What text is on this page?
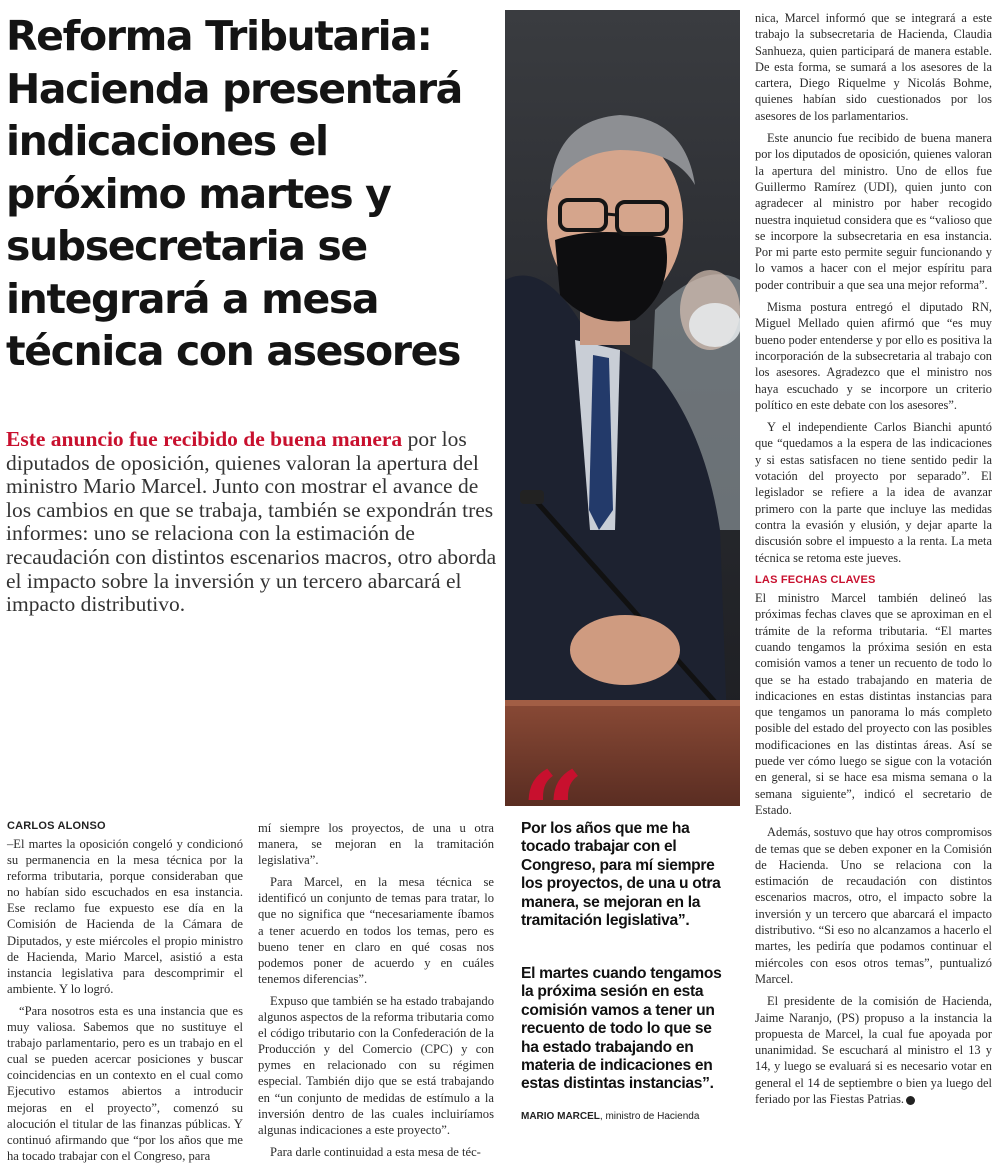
Reforma Tributaria:
Hacienda presentará
indicaciones el
próximo martes y
subsecretaria se
integrará a mesa
técnica con asesores

Este anuncio fue recibido de buena manera por los diputados de oposición, quienes valoran la apertura del ministro Mario Marcel. Junto con mostrar el avance de los cambios en que se trabaja, también se expondrán tres informes: uno se relaciona con la estimación de recaudación con distintos escenarios macros, otro aborda el impacto sobre la inversión y un tercero abarcará el impacto distributivo.

CARLOS ALONSO

–El martes la oposición congeló y condicionó su permanencia en la mesa técnica por la reforma tributaria, porque consideraban que no habían sido escuchados en esa instancia. Ese reclamo fue expuesto ese día en la Comisión de Hacienda de la Cámara de Diputados, y este miércoles el propio ministro de Hacienda, Mario Marcel, asistió a esta instancia legislativa para descomprimir el ambiente. Y lo logró.

“Para nosotros esta es una instancia que es muy valiosa. Sabemos que no sustituye el trabajo parlamentario, pero es un trabajo en el cual se pueden acercar posiciones y buscar coincidencias en un contexto en el cual como Ejecutivo estamos abiertos a introducir mejoras en el proyecto”, comenzó su alocución el titular de las finanzas públicas. Y continuó afirmando que “por los años que me ha tocado trabajar con el Congreso, para

mí siempre los proyectos, de una u otra manera, se mejoran en la tramitación legislativa”.

Para Marcel, en la mesa técnica se identificó un conjunto de temas para tratar, lo que no significa que “necesariamente íbamos a tener acuerdo en todos los temas, pero es bueno tener en claro en qué cosas nos podemos poner de acuerdo y en cuáles tenemos diferencias”.

Expuso que también se ha estado trabajando algunos aspectos de la reforma tributaria como el código tributario con la Confederación de la Producción y del Comercio (CPC) y con pymes en relacionado con su régimen especial. También dijo que se está trabajando en “un conjunto de medidas de estímulo a la inversión dentro de las cuales incluiríamos algunas indicaciones a este proyecto”.

Para darle continuidad a esta mesa de téc-

Por los años que me ha tocado trabajar con el Congreso, para mí siempre los proyectos, de una u otra manera, se mejoran en la tramitación legislativa”.

El martes cuando tengamos la próxima sesión en esta comisión vamos a tener un recuento de todo lo que se ha estado trabajando en materia de indicaciones en estas distintas instancias”.

MARIO MARCEL, ministro de Hacienda

nica, Marcel informó que se integrará a este trabajo la subsecretaria de Hacienda, Claudia Sanhueza, quien participará de manera estable. De esta forma, se sumará a los asesores de la cartera, Diego Riquelme y Nicolás Bohme, quienes habían sido cuestionados por los asesores de los parlamentarios.

Este anuncio fue recibido de buena manera por los diputados de oposición, quienes valoran la apertura del ministro. Uno de ellos fue Guillermo Ramírez (UDI), quien junto con agradecer al ministro por haber recogido nuestra inquietud considera que es “valioso que se incorpore la subsecretaria en esa instancia. Por mi parte esto permite seguir funcionando y lo vamos a hacer con el mejor espíritu para poder contribuir a que sea una mejor reforma”.

Misma postura entregó el diputado RN, Miguel Mellado quien afirmó que “es muy bueno poder entenderse y por ello es positiva la incorporación de la subsecretaria al trabajo con los asesores. Agradezco que el ministro nos haya escuchado y se incorpore un criterio político en este debate con los asesores”.

Y el independiente Carlos Bianchi apuntó que “quedamos a la espera de las indicaciones y si estas satisfacen no tiene sentido pedir la votación del proyecto por separado”. El legislador se refiere a la idea de avanzar primero con la parte que incluye las medidas contra la evasión y elusión, y dejar aparte la discusión sobre el impuesto a la renta. La meta técnica se retoma este jueves.

LAS FECHAS CLAVES

El ministro Marcel también delineó las próximas fechas claves que se aproximan en el trámite de la reforma tributaria. “El martes cuando tengamos la próxima sesión en esta comisión vamos a tener un recuento de todo lo que se ha estado trabajando en materia de indicaciones en estas distintas instancias para que tengamos un panorama lo más completo posible del estado del proyecto con las posibles modificaciones en las distintas áreas. Así se puede ver cómo luego se sigue con la votación en general, si se hace esa misma semana o la semana siguiente”, indicó el secretario de Estado.

Además, sostuvo que hay otros compromisos de temas que se deben exponer en la Comisión de Hacienda. Uno se relaciona con la estimación de recaudación con distintos escenarios macros, otro, el impacto sobre la inversión y un tercero que abarcará el impacto distributivo. “Si eso no alcanzamos a hacerlo el martes, les pediría que podamos continuar el miércoles con esos otros temas”, puntualizó Marcel.

El presidente de la comisión de Hacienda, Jaime Naranjo, (PS) propuso a la instancia la propuesta de Marcel, la cual fue apoyada por unanimidad. Se escuchará al ministro el 13 y 14, y luego se evaluará si es necesario votar en general el 14 de septiembre o bien ya luego del feriado por las Fiestas Patrias.
